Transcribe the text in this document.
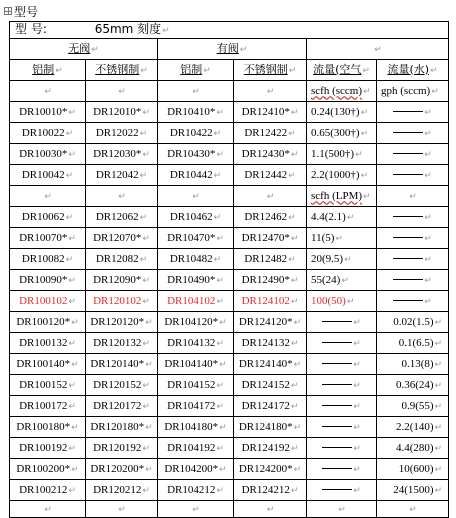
型号
型 号: 65mm 刻度↵					
无阀↵		有阀↵		↵	
铝制↵	不锈钢制↵	铝制↵	不锈钢制↵	流量(空气↵	流量(水)↵
↵	↵	↵	↵	scfh (sccm)↵	gph (sccm)↵
DR10010*↵	DR12010*↵	DR10410*↵	DR12410*↵	0.24(130†)↵	↵
DR10022↵	DR12022↵	DR10422↵	DR12422↵	0.65(300†)↵	↵
DR10030*↵	DR12030*↵	DR10430*↵	DR12430*↵	1.1(500†)↵	↵
DR10042↵	DR12042↵	DR10442↵	DR12442↵	2.2(1000†)↵	↵
↵	↵	↵	↵	scfh (LPM)↵	↵
DR10062↵	DR12062↵	DR10462↵	DR12462↵	4.4(2.1)↵	↵
DR10070*↵	DR12070*↵	DR10470*↵	DR12470*↵	11(5)↵	↵
DR10082↵	DR12082↵	DR10482↵	DR12482↵	20(9.5)↵	↵
DR10090*↵	DR12090*↵	DR10490*↵	DR12490*↵	55(24)↵	↵
DR100102↵	DR120102↵	DR104102↵	DR124102↵	100(50)↵	↵
DR100120*↵	DR120120*↵	DR104120*↵	DR124120*↵	↵	0.02(1.5)↵
DR100132↵	DR120132↵	DR104132↵	DR124132↵	↵	0.1(6.5)↵
DR100140*↵	DR120140*↵	DR104140*↵	DR124140*↵	↵	0.13(8)↵
DR100152↵	DR120152↵	DR104152↵	DR124152↵	↵	0.36(24)↵
DR100172↵	DR120172↵	DR104172↵	DR124172↵	↵	0.9(55)↵
DR100180*↵	DR120180*↵	DR104180*↵	DR124180*↵	↵	2.2(140)↵
DR100192↵	DR120192↵	DR104192↵	DR124192↵	↵	4.4(280)↵
DR100200*↵	DR120200*↵	DR104200*↵	DR124200*↵	↵	10(600)↵
DR100212↵	DR120212↵	DR104212↵	DR124212↵	↵	24(1500)↵
↵	↵	↵	↵	↵	↵
